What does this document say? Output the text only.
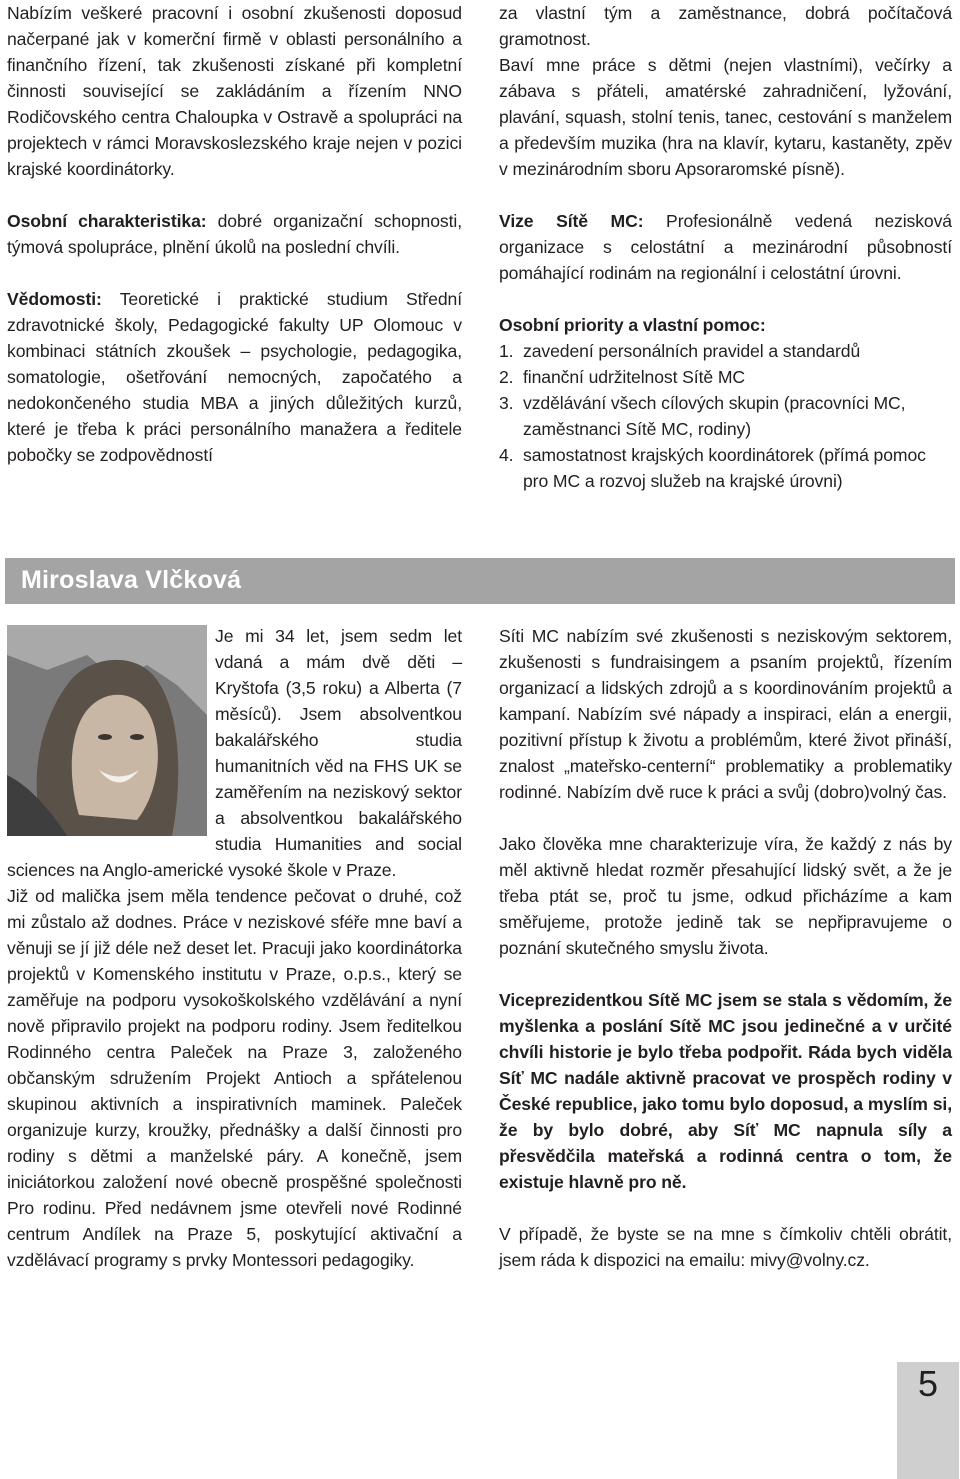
Nabízím veškeré pracovní i osobní zkušenosti doposud načerpané jak v komerční firmě v oblasti personálního a finančního řízení, tak zkušenosti získané při kompletní činnosti související se zakládáním a řízením NNO Rodičovského centra Chaloupka v Ostravě a spolupráci na projektech v rámci Moravskoslezského kraje nejen v pozici krajské koordinátorky.

Osobní charakteristika: dobré organizační schopnosti, týmová spolupráce, plnění úkolů na poslední chvíli.

Vědomosti: Teoretické i praktické studium Střední zdravotnické školy, Pedagogické fakulty UP Olomouc v kombinaci státních zkoušek – psychologie, pedagogika, somatologie, ošetřování nemocných, započatého a nedokončeného studia MBA a jiných důležitých kurzů, které je třeba k práci personálního manažera a ředitele pobočky se zodpovědností

za vlastní tým a zaměstnance, dobrá počítačová gramotnost.

Baví mne práce s dětmi (nejen vlastními), večírky a zábava s přáteli, amatérské zahradničení, lyžování, plavání, squash, stolní tenis, tanec, cestování s manželem a především muzika (hra na klavír, kytaru, kastaněty, zpěv v mezinárodním sboru Apsoraromské písně).

Vize Sítě MC: Profesionálně vedená nezisková organizace s celostátní a mezinárodní působností pomáhající rodinám na regionální i celostátní úrovni.

Osobní priority a vlastní pomoc:

1. zavedení personálních pravidel a standardů
2. finanční udržitelnost Sítě MC
3. vzdělávání všech cílových skupin (pracovníci MC, zaměstnanci Sítě MC, rodiny)
4. samostatnost krajských koordinátorek (přímá pomoc pro MC a rozvoj služeb na krajské úrovni)
Miroslava Vlčková

Je mi 34 let, jsem sedm let vdaná a mám dvě děti – Kryštofa (3,5 roku) a Alberta (7 měsíců). Jsem absolventkou bakalářského studia humanitních věd na FHS UK se zaměřením na neziskový sektor a absolventkou bakalářského studia Humanities and social sciences na Anglo-americké vysoké škole v Praze.

Již od malička jsem měla tendence pečovat o druhé, což mi zůstalo až dodnes. Práce v neziskové sféře mne baví a věnuji se jí již déle než deset let. Pracuji jako koordinátorka projektů v Komenského institutu v Praze, o.p.s., který se zaměřuje na podporu vysokoškolského vzdělávání a nyní nově připravilo projekt na podporu rodiny. Jsem ředitelkou Rodinného centra Paleček na Praze 3, založeného občanským sdružením Projekt Antioch a spřátelenou skupinou aktivních a inspirativních maminek. Paleček organizuje kurzy, kroužky, přednášky a další činnosti pro rodiny s dětmi a manželské páry. A konečně, jsem iniciátorkou založení nové obecně prospěšné společnosti Pro rodinu. Před nedávnem jsme otevřeli nové Rodinné centrum Andílek na Praze 5, poskytující aktivační a vzdělávací programy s prvky Montessori pedagogiky.

Síti MC nabízím své zkušenosti s neziskovým sektorem, zkušenosti s fundraisingem a psaním projektů, řízením organizací a lidských zdrojů a s koordinováním projektů a kampaní. Nabízím své nápady a inspiraci, elán a energii, pozitivní přístup k životu a problémům, které život přináší, znalost „mateřsko-centerní“ problematiky a problematiky rodinné. Nabízím dvě ruce k práci a svůj (dobro)volný čas.

Jako člověka mne charakterizuje víra, že každý z nás by měl aktivně hledat rozměr přesahující lidský svět, a že je třeba ptát se, proč tu jsme, odkud přicházíme a kam směřujeme, protože jedině tak se nepřipravujeme o poznání skutečného smyslu života.

Viceprezidentkou Sítě MC jsem se stala s vědomím, že myšlenka a poslání Sítě MC jsou jedinečné a v určité chvíli historie je bylo třeba podpořit. Ráda bych viděla Síť MC nadále aktivně pracovat ve prospěch rodiny v České republice, jako tomu bylo doposud, a myslím si, že by bylo dobré, aby Síť MC napnula síly a přesvědčila mateřská a rodinná centra o tom, že existuje hlavně pro ně.

V případě, že byste se na mne s čímkoliv chtěli obrátit, jsem ráda k dispozici na emailu: mivy@volny.cz.

5
